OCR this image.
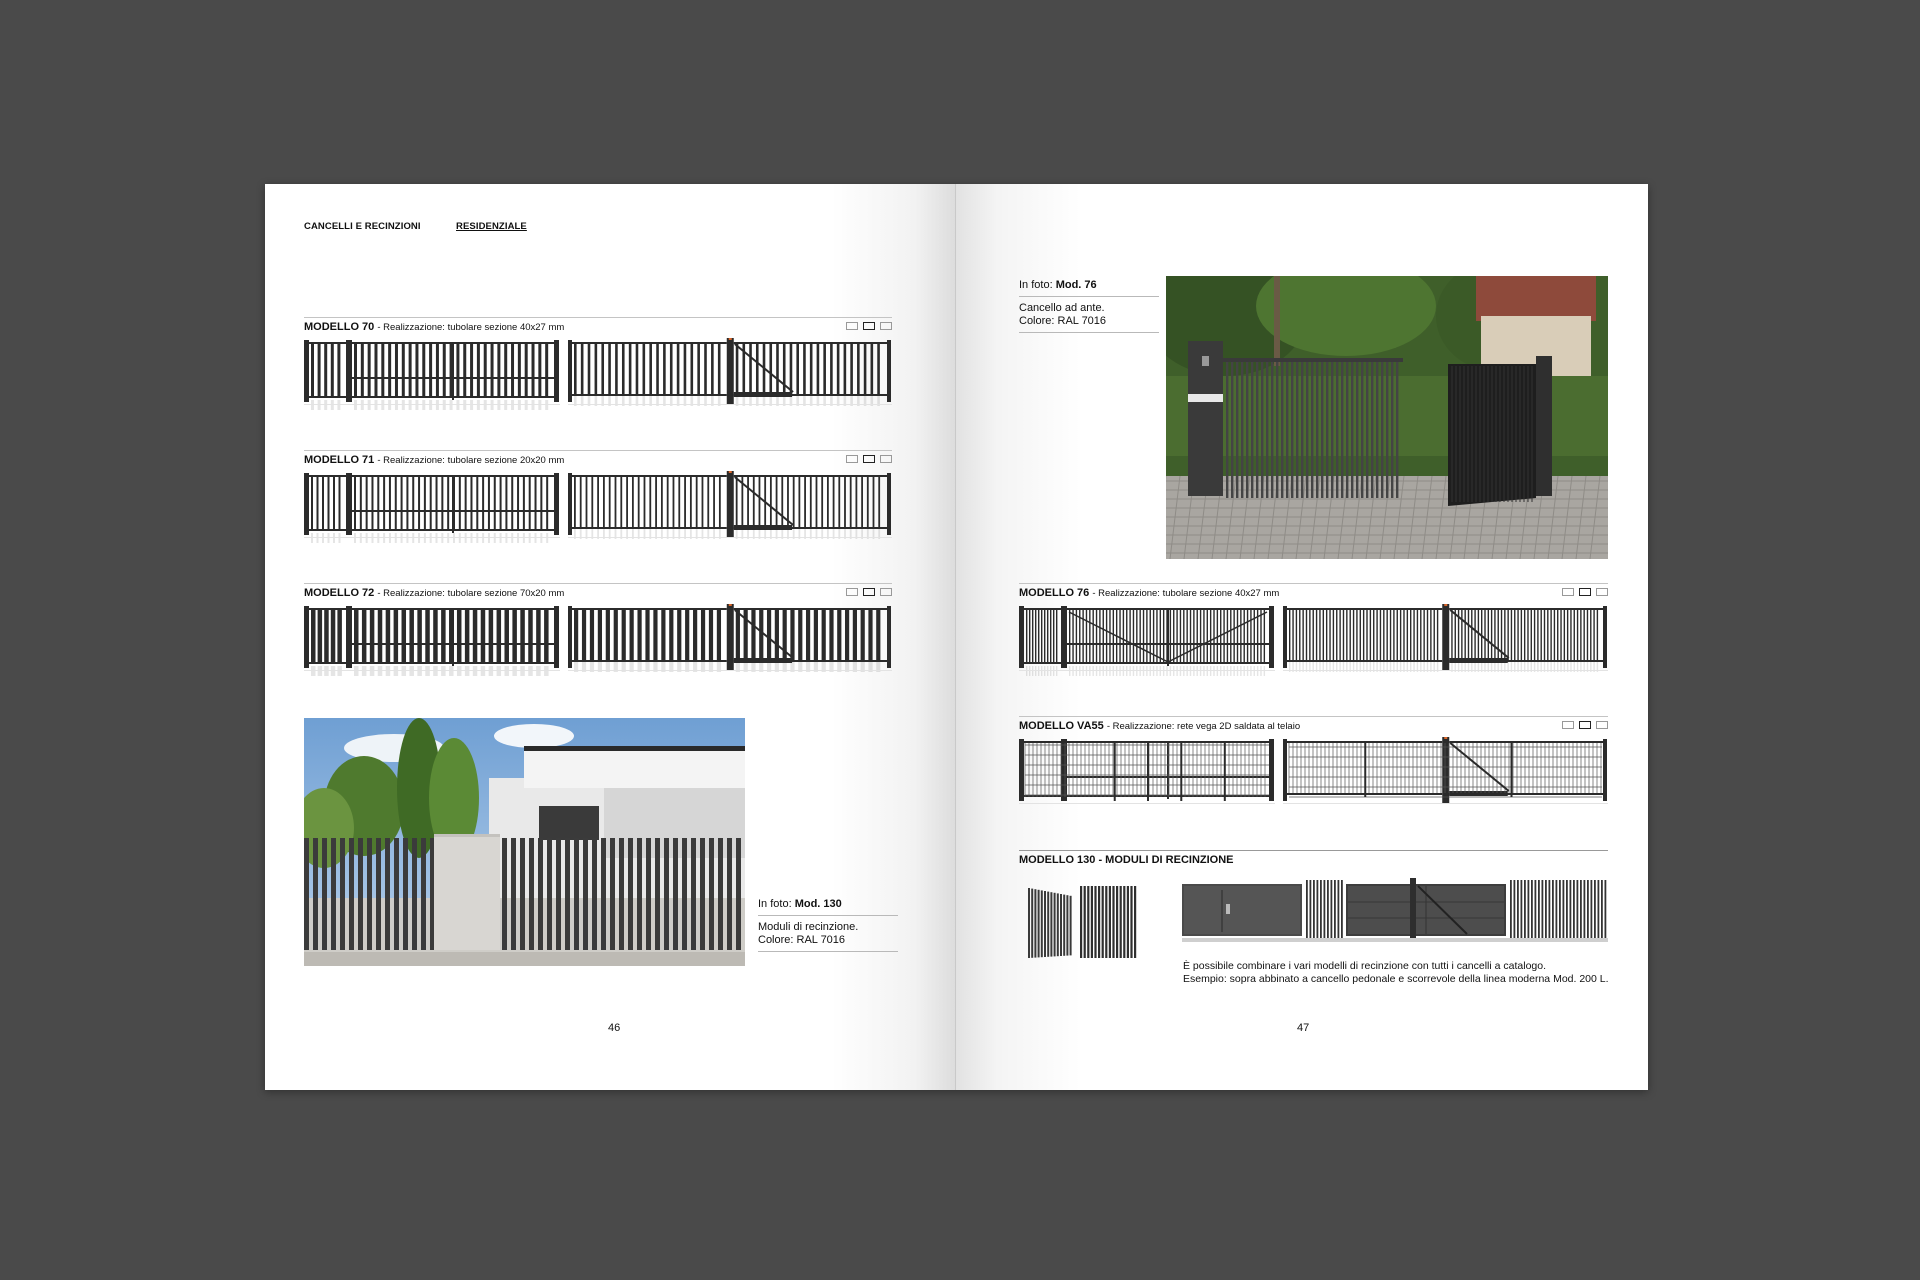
CANCELLI E RECINZIONI	RESIDENZIALE
MODELLO 70 - Realizzazione: tubolare sezione 40x27 mm
MODELLO 71 - Realizzazione: tubolare sezione 20x20 mm
MODELLO 72 - Realizzazione: tubolare sezione 70x20 mm
In foto: Mod. 130
Moduli di recinzione.
Colore: RAL 7016
46
In foto: Mod. 76
Cancello ad ante.
Colore: RAL 7016
MODELLO 76 - Realizzazione: tubolare sezione 40x27 mm
MODELLO VA55 - Realizzazione: rete vega 2D saldata al telaio
MODELLO 130 - MODULI DI RECINZIONE
È possibile combinare i vari modelli di recinzione con tutti i cancelli a catalogo.
Esempio: sopra abbinato a cancello pedonale e scorrevole della linea moderna Mod. 200 L.
47
